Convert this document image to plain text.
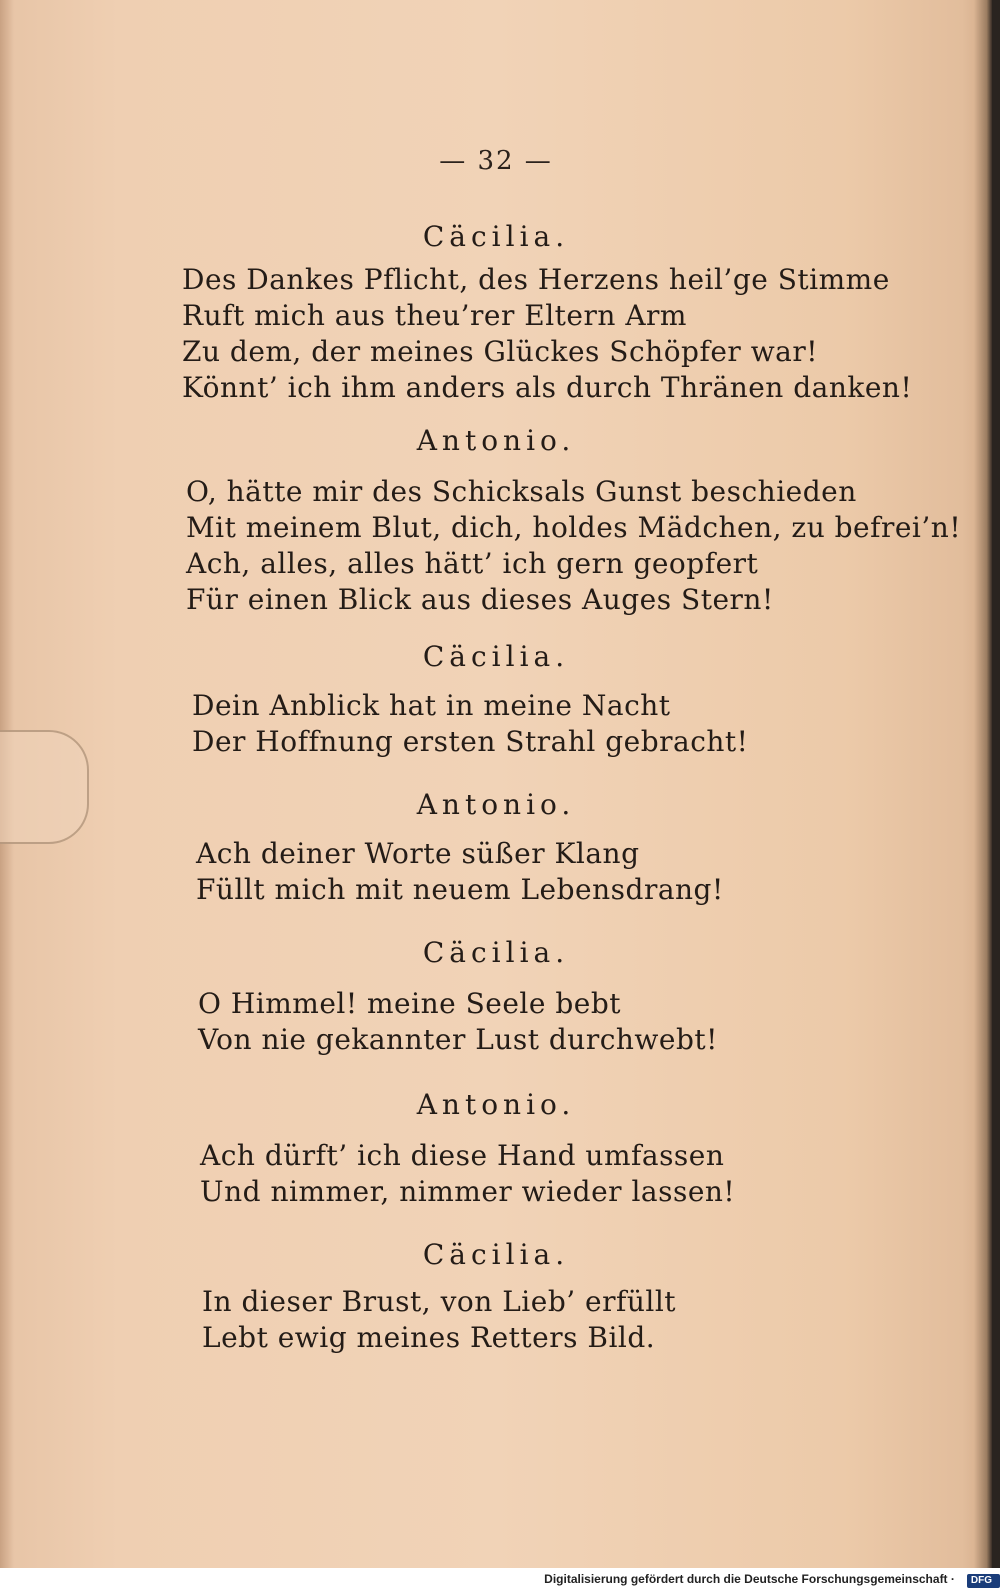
— 32 —
Cäcilia.
Des Dankes Pflicht, des Herzens heil’ge Stimme
Ruft mich aus theu’rer Eltern Arm
Zu dem, der meines Glückes Schöpfer war!
Könnt’ ich ihm anders als durch Thränen danken!
Antonio.
O, hätte mir des Schicksals Gunst beschieden
Mit meinem Blut, dich, holdes Mädchen, zu befrei’n!
Ach, alles, alles hätt’ ich gern geopfert
Für einen Blick aus dieses Auges Stern!
Cäcilia.
Dein Anblick hat in meine Nacht
Der Hoffnung ersten Strahl gebracht!
Antonio.
Ach deiner Worte süßer Klang
Füllt mich mit neuem Lebensdrang!
Cäcilia.
O Himmel! meine Seele bebt
Von nie gekannter Lust durchwebt!
Antonio.
Ach dürft’ ich diese Hand umfassen
Und nimmer, nimmer wieder lassen!
Cäcilia.
In dieser Brust, von Lieb’ erfüllt
Lebt ewig meines Retters Bild.
Digitalisierung gefördert durch die Deutsche Forschungsgemeinschaft · DFG
